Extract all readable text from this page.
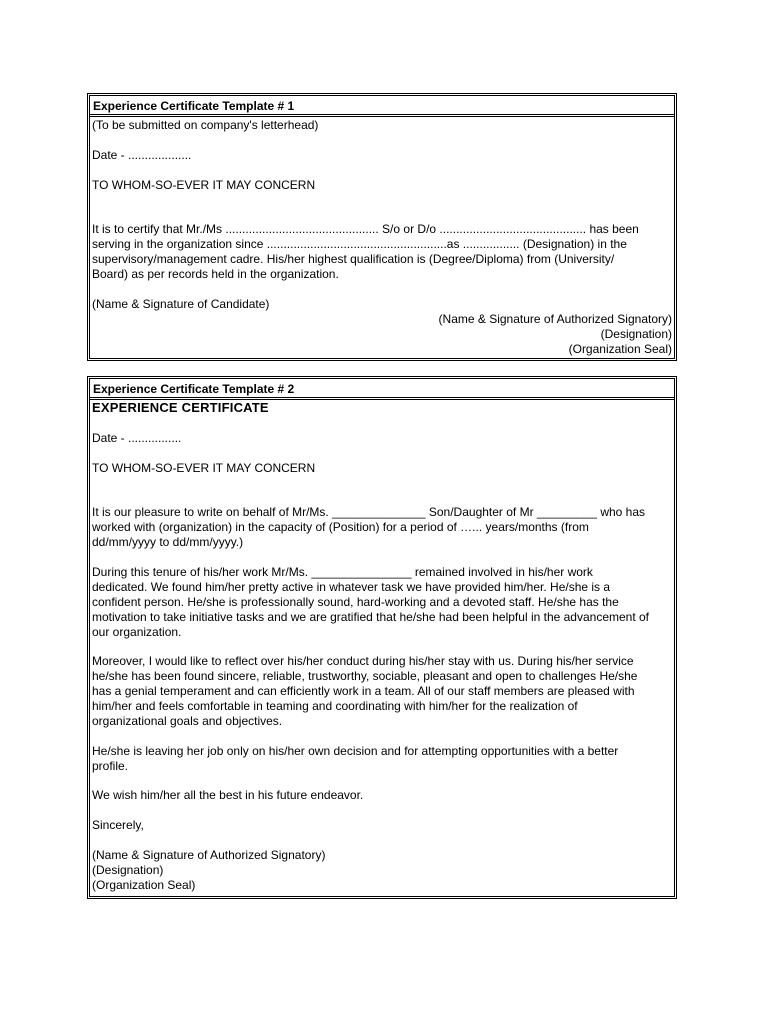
Experience Certificate Template # 1
(To be submitted on company's letterhead)
Date - ...................
TO WHOM-SO-EVER IT MAY CONCERN
It is to certify that Mr./Ms .............................................. S/o or D/o ............................................ has been
serving in the organization since ......................................................as ................. (Designation) in the
supervisory/management cadre. His/her highest qualification is (Degree/Diploma) from (University/
Board) as per records held in the organization.
(Name & Signature of Candidate)
(Name & Signature of Authorized Signatory)
(Designation)
(Organization Seal)
Experience Certificate Template # 2
EXPERIENCE CERTIFICATE
Date - ................
TO WHOM-SO-EVER IT MAY CONCERN
It is our pleasure to write on behalf of Mr/Ms. ______________ Son/Daughter of Mr _________ who has
worked with (organization) in the capacity of (Position) for a period of …... years/months (from
dd/mm/yyyy to dd/mm/yyyy.)
During this tenure of his/her work Mr/Ms. _______________ remained involved in his/her work
dedicated. We found him/her pretty active in whatever task we have provided him/her. He/she is a
confident person. He/she is professionally sound, hard-working and a devoted staff. He/she has the
motivation to take initiative tasks and we are gratified that he/she had been helpful in the advancement of
our organization.
Moreover, I would like to reflect over his/her conduct during his/her stay with us. During his/her service
he/she has been found sincere, reliable, trustworthy, sociable, pleasant and open to challenges He/she
has a genial temperament and can efficiently work in a team. All of our staff members are pleased with
him/her and feels comfortable in teaming and coordinating with him/her for the realization of
organizational goals and objectives.
He/she is leaving her job only on his/her own decision and for attempting opportunities with a better
profile.
We wish him/her all the best in his future endeavor.
Sincerely,
(Name & Signature of Authorized Signatory)
(Designation)
(Organization Seal)
